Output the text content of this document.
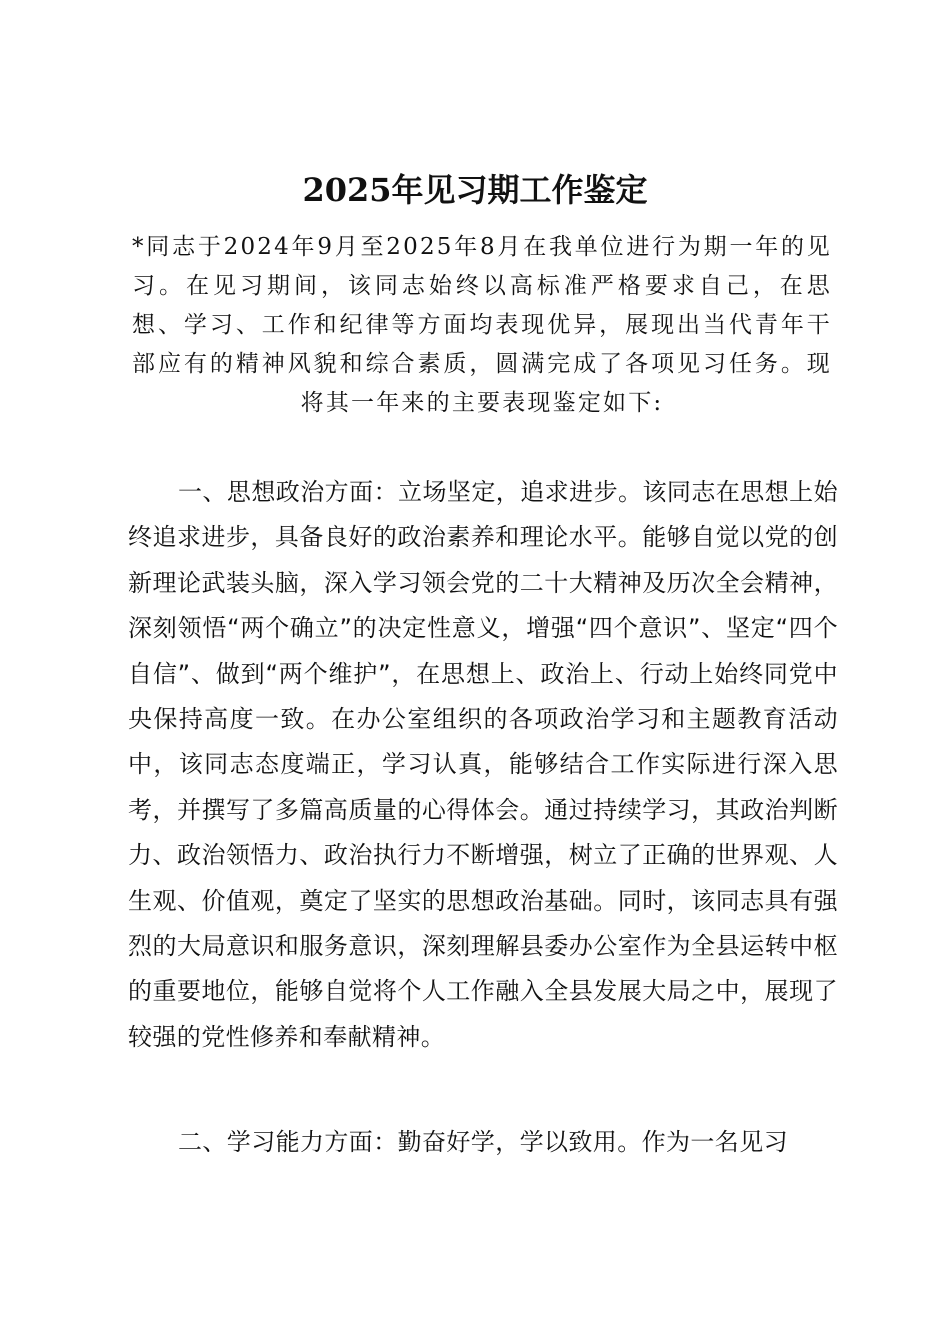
2025年见习期工作鉴定
*同志于2024年9月至2025年8月在我单位进行为期一年的见习。在见习期间，该同志始终以高标准严格要求自己，在思想、学习、工作和纪律等方面均表现优异，展现出当代青年干部应有的精神风貌和综合素质，圆满完成了各项见习任务。现将其一年来的主要表现鉴定如下:
一、思想政治方面：立场坚定，追求进步。该同志在思想上始终追求进步，具备良好的政治素养和理论水平。能够自觉以党的创新理论武装头脑，深入学习领会党的二十大精神及历次全会精神，深刻领悟“两个确立”的决定性意义，增强“四个意识”、坚定“四个自信”、做到“两个维护”，在思想上、政治上、行动上始终同党中央保持高度一致。在办公室组织的各项政治学习和主题教育活动中，该同志态度端正，学习认真，能够结合工作实际进行深入思考，并撰写了多篇高质量的心得体会。通过持续学习，其政治判断力、政治领悟力、政治执行力不断增强，树立了正确的世界观、人生观、价值观，奠定了坚实的思想政治基础。同时，该同志具有强烈的大局意识和服务意识，深刻理解县委办公室作为全县运转中枢的重要地位，能够自觉将个人工作融入全县发展大局之中，展现了较强的党性修养和奉献精神。
二、学习能力方面：勤奋好学，学以致用。作为一名见习
